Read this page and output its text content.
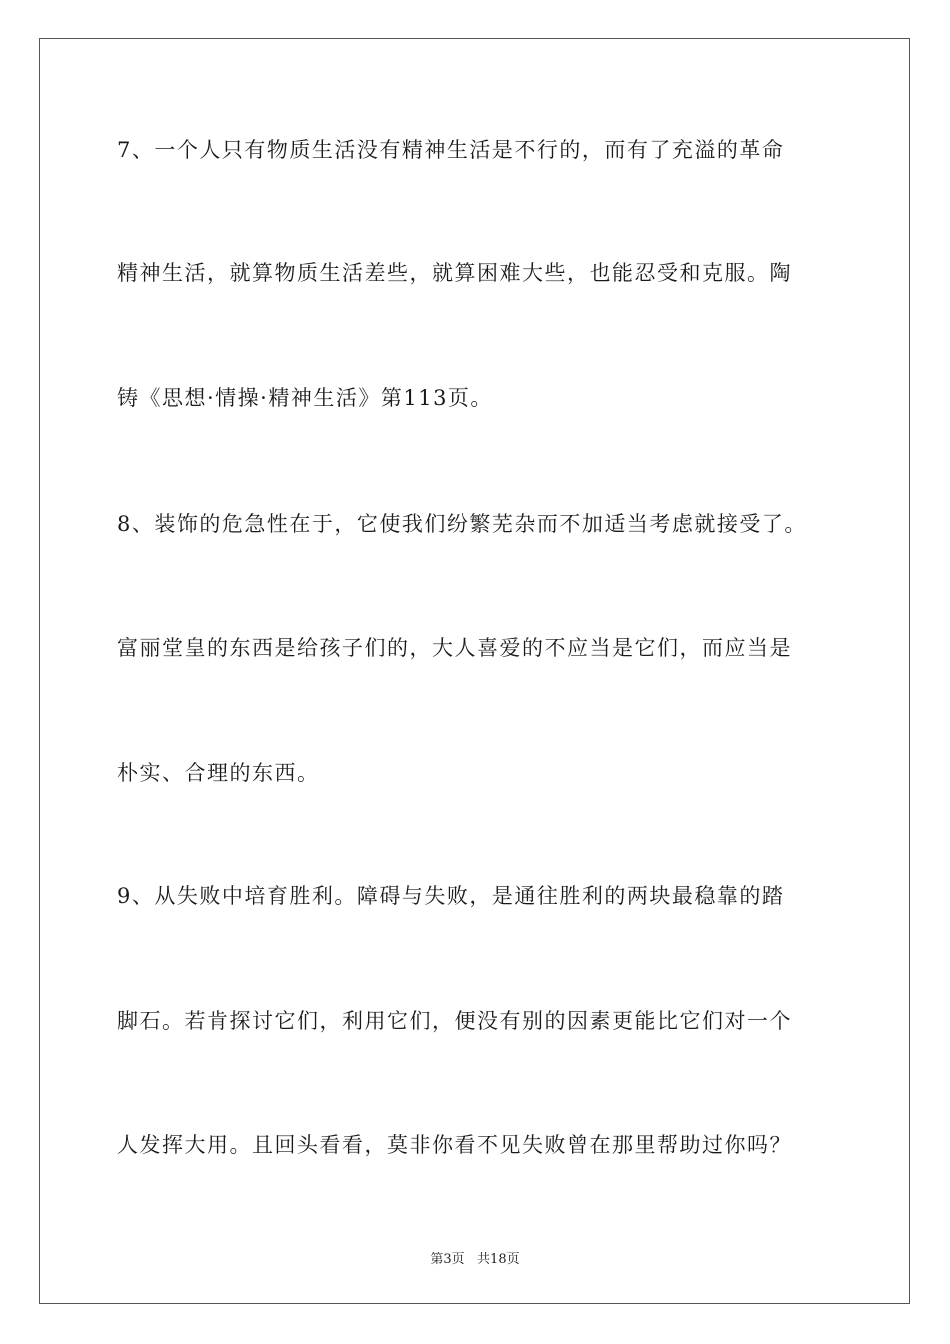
7、一个人只有物质生活没有精神生活是不行的，而有了充溢的革命
精神生活，就算物质生活差些，就算困难大些，也能忍受和克服。陶
铸《思想·情操·精神生活》第113页。
8、装饰的危急性在于，它使我们纷繁芜杂而不加适当考虑就接受了。
富丽堂皇的东西是给孩子们的，大人喜爱的不应当是它们，而应当是
朴实、合理的东西。
9、从失败中培育胜利。障碍与失败，是通往胜利的两块最稳靠的踏
脚石。若肯探讨它们，利用它们，便没有别的因素更能比它们对一个
人发挥大用。且回头看看，莫非你看不见失败曾在那里帮助过你吗？
第3页   共18页
